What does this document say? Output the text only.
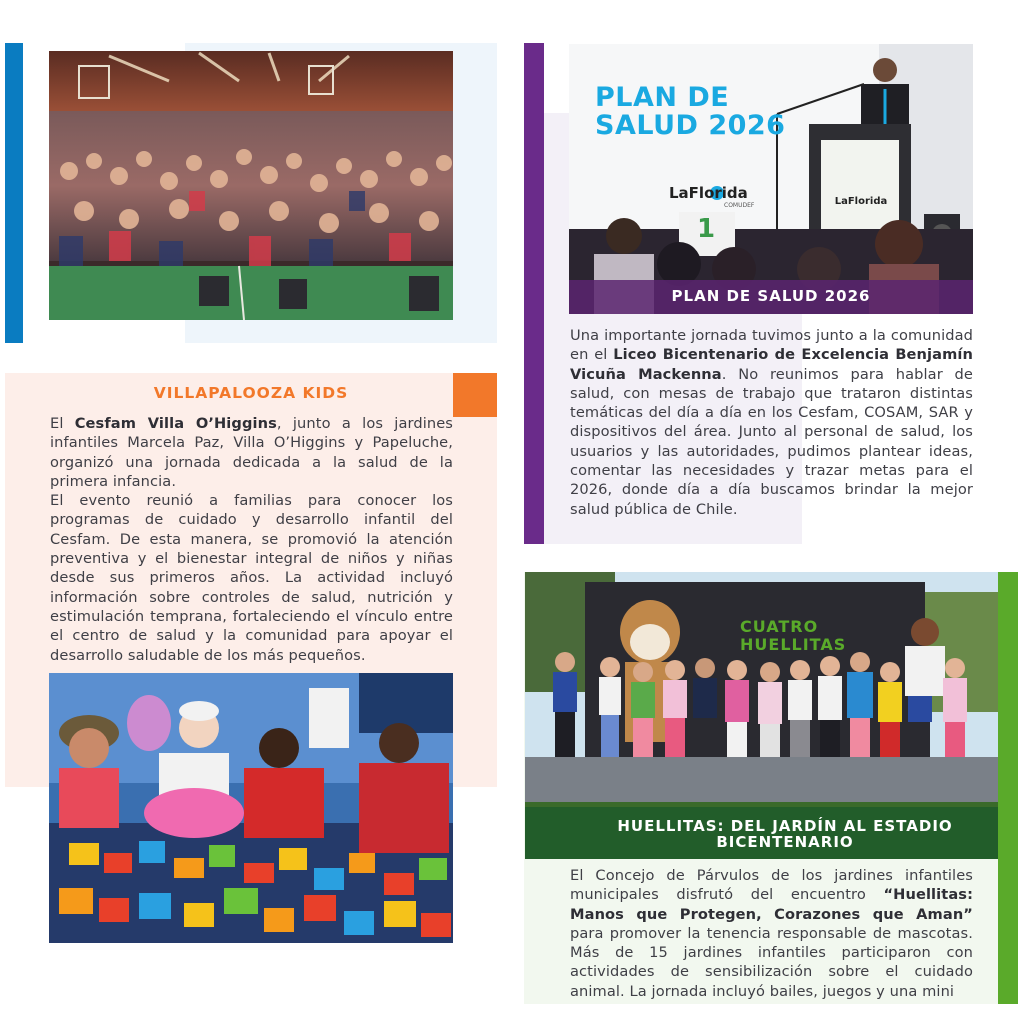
VILLAPALOOZA KIDS

El Cesfam Villa O’Higgins, junto a los jardines infantiles Marcela Paz, Villa O’Higgins y Papeluche, organizó una jornada dedicada a la salud de la primera infancia.

El evento reunió a familias para conocer los programas de cuidado y desarrollo infantil del Cesfam. De esta manera, se promovió la atención preventiva y el bienestar integral de niños y niñas desde sus primeros años. La actividad incluyó información sobre controles de salud, nutrición y estimulación temprana, fortaleciendo el vínculo entre el centro de salud y la comunidad para apoyar el desarrollo saludable de los más pequeños.

PLAN DE
SALUD 2026
LaFlorida
COMUDEF	LaFlorida
1
PLAN DE SALUD 2026

Una importante jornada tuvimos junto a la comunidad en el Liceo Bicentenario de Excelencia Benjamín Vicuña Mackenna. No reunimos para hablar de salud, con mesas de trabajo que trataron distintas temáticas del día a día en los Cesfam, COSAM, SAR y dispositivos del área. Junto al personal de salud, los usuarios y las autoridades, pudimos plantear ideas, comentar las necesidades y trazar metas para el 2026, donde día a día buscamos brindar la mejor salud pública de Chile.

CUATRO HUELLITAS
HUELLITAS: DEL JARDÍN AL ESTADIO
BICENTENARIO

El Concejo de Párvulos de los jardines infantiles municipales disfrutó del encuentro “Huellitas: Manos que Protegen, Corazones que Aman” para promover la tenencia responsable de mascotas. Más de 15 jardines infantiles participaron con actividades de sensibilización sobre el cuidado animal. La jornada incluyó bailes, juegos y una mini
